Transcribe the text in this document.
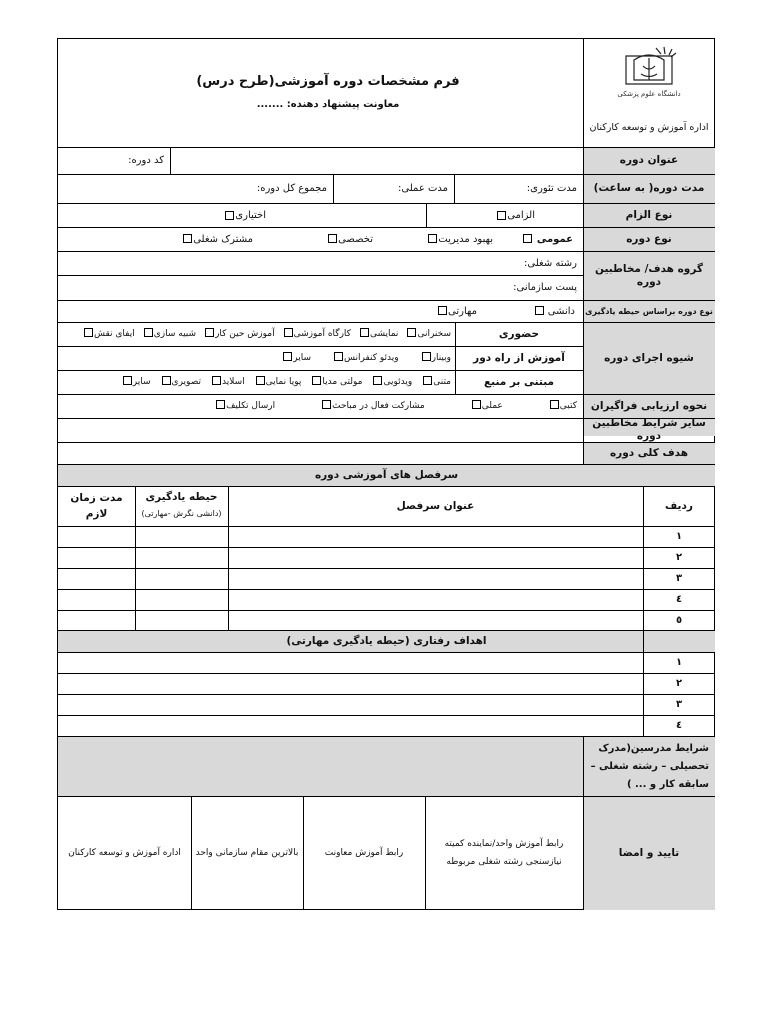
دانشگاه علوم پزشکی
اداره آموزش و توسعه کارکنان
فرم مشخصات دوره آموزشی(طرح درس)
معاونت پیشنهاد دهنده: .......
عنوان دوره
کد دوره:
مدت دوره( به ساعت)
مدت تئوری:
مدت عملی:
مجموع کل دوره:
نوع الزام
الزامی
اختیاری
نوع دوره
عمومی
بهبود مدیریت
تخصصی
مشترک شغلی
گروه هدف/ مخاطبین دوره
رشته شغلی:
پست سازمانی:
نوع دوره براساس حیطه یادگیری
دانشی
مهارتی
شیوه اجرای دوره
حضوری
سخنرانی
نمایشی
کارگاه آموزشی
آموزش حین کار
شبیه سازی
ایفای نقش
آموزش از راه دور
وبینار
ویدئو کنفرانس
سایر
مبتنی بر منبع
متنی
ویدئویی
مولتی مدیا
پویا نمایی
اسلاید
تصویری
سایر
نحوه ارزیابی فراگیران
کتبی
عملی
مشارکت فعال در مباحث
ارسال تکلیف
سایر شرایط مخاطبین دوره
هدف کلی دوره
سرفصل های آموزشی دوره
ردیف
عنوان سرفصل
حیطه یادگیری
(دانشی نگرش -مهارتی)
مدت زمان لازم
١
٢
٣
٤
٥
اهداف رفتاری (حیطه یادگیری مهارتی)
١
٢
٣
٤
شرایط مدرسین(مدرک تحصیلی – رشته شغلی – سابقه کار و ... )
تایید و امضا
رابط آموزش واحد/نماینده کمیته نیازسنجی رشته شغلی مربوطه
رابط آموزش معاونت
بالاترین مقام سازمانی واحد
اداره آموزش و توسعه کارکنان
